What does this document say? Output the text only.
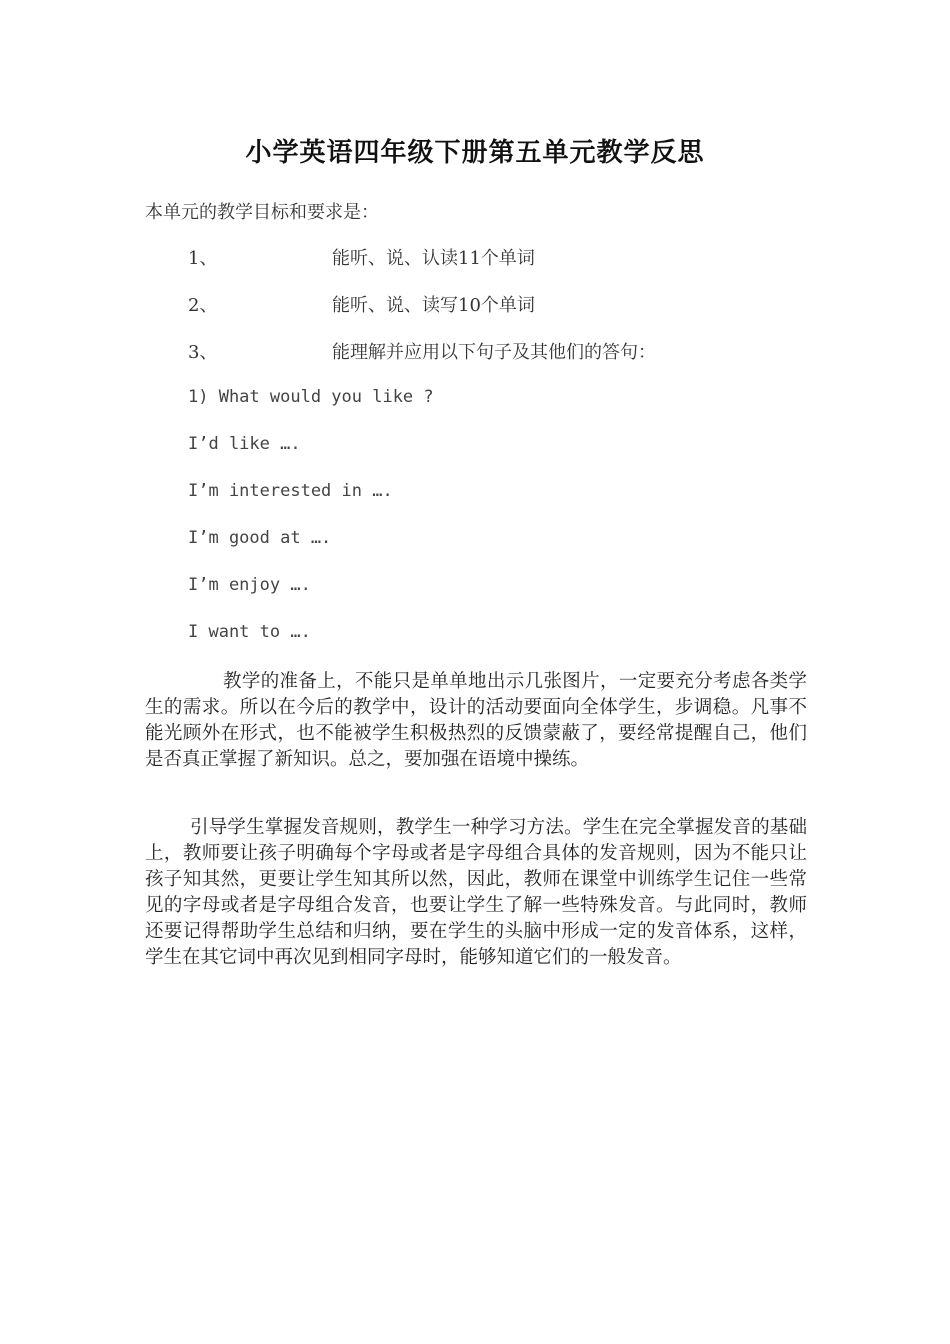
小学英语四年级下册第五单元教学反思
本单元的教学目标和要求是：
1、	能听、说、认读11个单词
2、	能听、说、读写10个单词
3、	能理解并应用以下句子及其他们的答句：
1) What would you like ?
I’d like ….
I’m interested in ….
I’m good at ….
I’m enjoy ….
I want to ….

教学的准备上，不能只是单单地出示几张图片，一定要充分考虑各类学生的需求。所以在今后的教学中，设计的活动要面向全体学生，步调稳。凡事不能光顾外在形式，也不能被学生积极热烈的反馈蒙蔽了，要经常提醒自己，他们是否真正掌握了新知识。总之，要加强在语境中操练。

引导学生掌握发音规则，教学生一种学习方法。学生在完全掌握发音的基础上，教师要让孩子明确每个字母或者是字母组合具体的发音规则，因为不能只让孩子知其然，更要让学生知其所以然，因此，教师在课堂中训练学生记住一些常见的字母或者是字母组合发音，也要让学生了解一些特殊发音。与此同时，教师还要记得帮助学生总结和归纳，要在学生的头脑中形成一定的发音体系，这样，学生在其它词中再次见到相同字母时，能够知道它们的一般发音。
